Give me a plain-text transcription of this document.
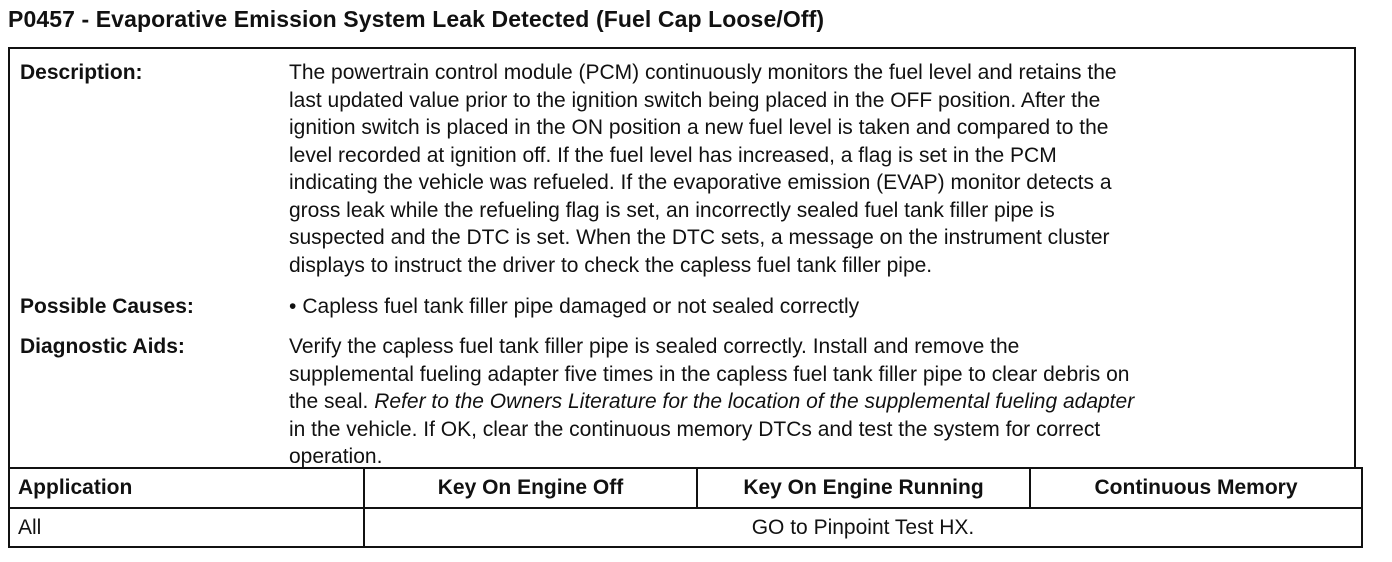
P0457 - Evaporative Emission System Leak Detected (Fuel Cap Loose/Off)
Description:	The powertrain control module (PCM) continuously monitors the fuel level and retains the
last updated value prior to the ignition switch being placed in the OFF position. After the
ignition switch is placed in the ON position a new fuel level is taken and compared to the
level recorded at ignition off. If the fuel level has increased, a flag is set in the PCM
indicating the vehicle was refueled. If the evaporative emission (EVAP) monitor detects a
gross leak while the refueling flag is set, an incorrectly sealed fuel tank filler pipe is
suspected and the DTC is set. When the DTC sets, a message on the instrument cluster
displays to instruct the driver to check the capless fuel tank filler pipe.
Possible Causes:	• Capless fuel tank filler pipe damaged or not sealed correctly
Diagnostic Aids:	Verify the capless fuel tank filler pipe is sealed correctly. Install and remove the
supplemental fueling adapter five times in the capless fuel tank filler pipe to clear debris on
the seal. Refer to the Owners Literature for the location of the supplemental fueling adapter
in the vehicle. If OK, clear the continuous memory DTCs and test the system for correct
operation.
Application	Key On Engine Off	Key On Engine Running	Continuous Memory
All	GO to Pinpoint Test HX.		
